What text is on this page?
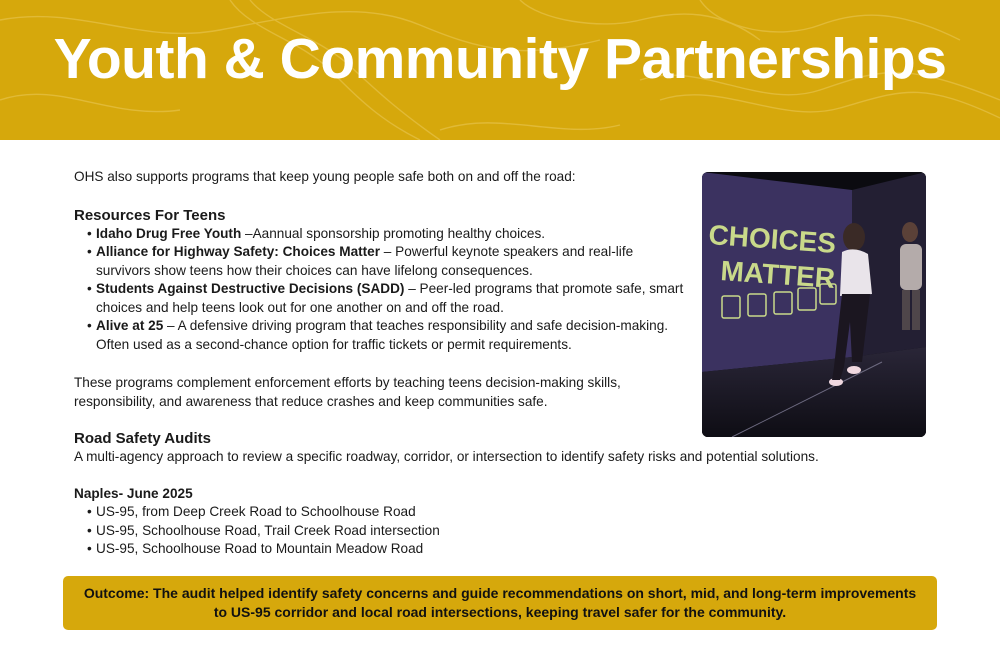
Youth & Community Partnerships

OHS also supports programs that keep young people safe both on and off the road:

Resources For Teens
• Idaho Drug Free Youth –Aannual sponsorship promoting healthy choices.
• Alliance for Highway Safety: Choices Matter – Powerful keynote speakers and real-life survivors show teens how their choices can have lifelong consequences.
• Students Against Destructive Decisions (SADD) – Peer-led programs that promote safe, smart choices and help teens look out for one another on and off the road.
• Alive at 25 – A defensive driving program that teaches responsibility and safe decision-making. Often used as a second-chance option for traffic tickets or permit requirements.

These programs complement enforcement efforts by teaching teens decision-making skills, responsibility, and awareness that reduce crashes and keep communities safe.

Road Safety Audits

A multi-agency approach to review a specific roadway, corridor, or intersection to identify safety risks and potential solutions.

Naples- June 2025

• US-95, from Deep Creek Road to Schoolhouse Road
• US-95, Schoolhouse Road, Trail Creek Road intersection
• US-95, Schoolhouse Road to Mountain Meadow Road
CHOICES
MATTER
Outcome: The audit helped identify safety concerns and guide recommendations on short, mid, and long-term improvements to US-95 corridor and local road intersections, keeping travel safer for the community.
